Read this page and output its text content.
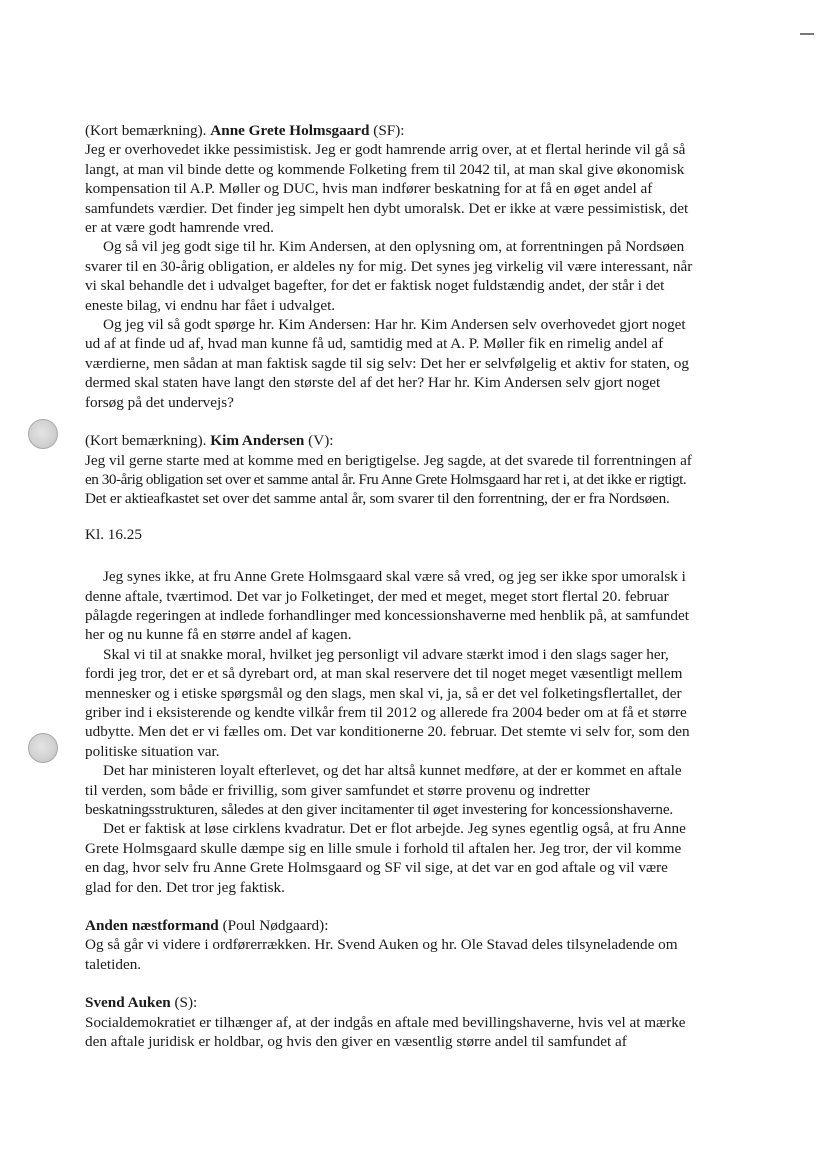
(Kort bemærkning). Anne Grete Holmsgaard (SF):

Jeg er overhovedet ikke pessimistisk. Jeg er godt hamrende arrig over, at et flertal herinde vil gå så

langt, at man vil binde dette og kommende Folketing frem til 2042 til, at man skal give økonomisk

kompensation til A.P. Møller og DUC, hvis man indfører beskatning for at få en øget andel af

samfundets værdier. Det finder jeg simpelt hen dybt umoralsk. Det er ikke at være pessimistisk, det

er at være godt hamrende vred.

Og så vil jeg godt sige til hr. Kim Andersen, at den oplysning om, at forrentningen på Nordsøen

svarer til en 30-årig obligation, er aldeles ny for mig. Det synes jeg virkelig vil være interessant, når

vi skal behandle det i udvalget bagefter, for det er faktisk noget fuldstændig andet, der står i det

eneste bilag, vi endnu har fået i udvalget.

Og jeg vil så godt spørge hr. Kim Andersen: Har hr. Kim Andersen selv overhovedet gjort noget

ud af at finde ud af, hvad man kunne få ud, samtidig med at A. P. Møller fik en rimelig andel af

værdierne, men sådan at man faktisk sagde til sig selv: Det her er selvfølgelig et aktiv for staten, og

dermed skal staten have langt den største del af det her? Har hr. Kim Andersen selv gjort noget

forsøg på det undervejs?

(Kort bemærkning). Kim Andersen (V):

Jeg vil gerne starte med at komme med en berigtigelse. Jeg sagde, at det svarede til forrentningen af

en 30-årig obligation set over et samme antal år. Fru Anne Grete Holmsgaard har ret i, at det ikke er rigtigt.

Det er aktieafkastet set over det samme antal år, som svarer til den forrentning, der er fra Nordsøen.

Kl. 16.25

Jeg synes ikke, at fru Anne Grete Holmsgaard skal være så vred, og jeg ser ikke spor umoralsk i

denne aftale, tværtimod. Det var jo Folketinget, der med et meget, meget stort flertal 20. februar

pålagde regeringen at indlede forhandlinger med koncessionshaverne med henblik på, at samfundet

her og nu kunne få en større andel af kagen.

Skal vi til at snakke moral, hvilket jeg personligt vil advare stærkt imod i den slags sager her,

fordi jeg tror, det er et så dyrebart ord, at man skal reservere det til noget meget væsentligt mellem

mennesker og i etiske spørgsmål og den slags, men skal vi, ja, så er det vel folketingsflertallet, der

griber ind i eksisterende og kendte vilkår frem til 2012 og allerede fra 2004 beder om at få et større

udbytte. Men det er vi fælles om. Det var konditionerne 20. februar. Det stemte vi selv for, som den

politiske situation var.

Det har ministeren loyalt efterlevet, og det har altså kunnet medføre, at der er kommet en aftale

til verden, som både er frivillig, som giver samfundet et større provenu og indretter

beskatningsstrukturen, således at den giver incitamenter til øget investering for koncessionshaverne.

Det er faktisk at løse cirklens kvadratur. Det er flot arbejde. Jeg synes egentlig også, at fru Anne

Grete Holmsgaard skulle dæmpe sig en lille smule i forhold til aftalen her. Jeg tror, der vil komme

en dag, hvor selv fru Anne Grete Holmsgaard og SF vil sige, at det var en god aftale og vil være

glad for den. Det tror jeg faktisk.

Anden næstformand (Poul Nødgaard):

Og så går vi videre i ordførerrækken. Hr. Svend Auken og hr. Ole Stavad deles tilsyneladende om

taletiden.

Svend Auken (S):

Socialdemokratiet er tilhænger af, at der indgås en aftale med bevillingshaverne, hvis vel at mærke

den aftale juridisk er holdbar, og hvis den giver en væsentlig større andel til samfundet af
